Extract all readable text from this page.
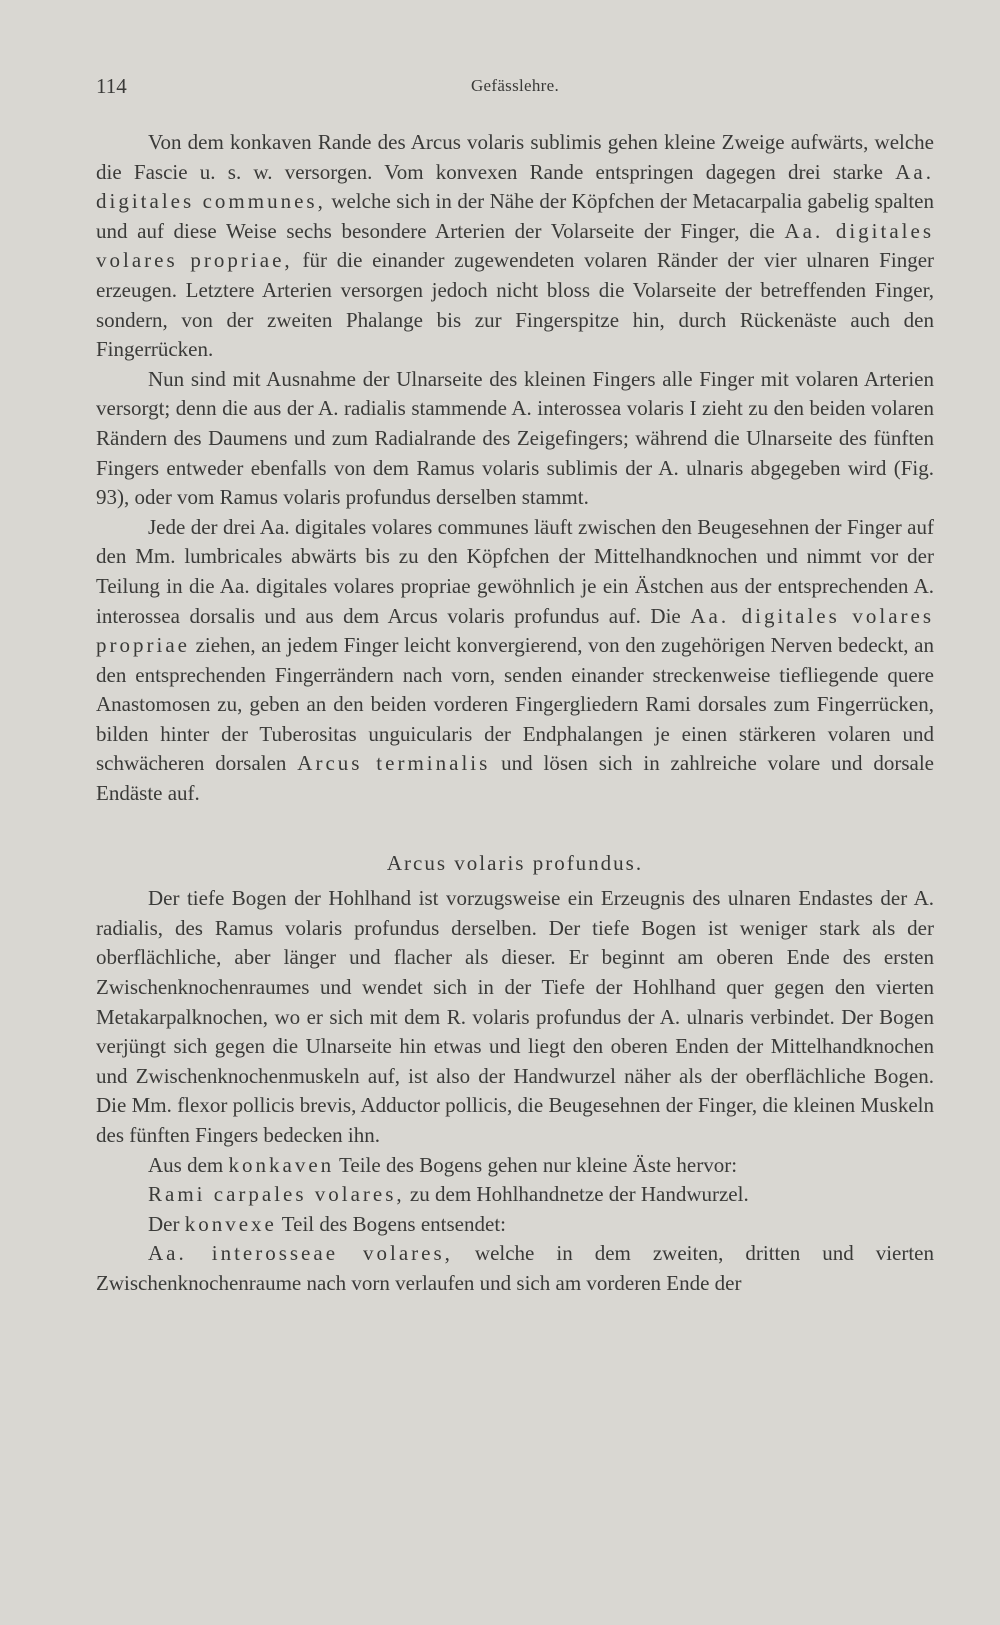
114	Gefässlehre.

Von dem konkaven Rande des Arcus volaris sublimis gehen kleine Zweige aufwärts, welche die Fascie u. s. w. versorgen. Vom konvexen Rande entspringen dagegen drei starke Aa. digitales communes, welche sich in der Nähe der Köpfchen der Metacarpalia gabelig spalten und auf diese Weise sechs besondere Arterien der Volarseite der Finger, die Aa. digitales volares propriae, für die einander zugewendeten volaren Ränder der vier ulnaren Finger erzeugen. Letztere Arterien versorgen jedoch nicht bloss die Volarseite der betreffenden Finger, sondern, von der zweiten Phalange bis zur Fingerspitze hin, durch Rückenäste auch den Fingerrücken.

Nun sind mit Ausnahme der Ulnarseite des kleinen Fingers alle Finger mit volaren Arterien versorgt; denn die aus der A. radialis stammende A. interossea volaris I zieht zu den beiden volaren Rändern des Daumens und zum Radialrande des Zeigefingers; während die Ulnarseite des fünften Fingers entweder ebenfalls von dem Ramus volaris sublimis der A. ulnaris abgegeben wird (Fig. 93), oder vom Ramus volaris profundus derselben stammt.

Jede der drei Aa. digitales volares communes läuft zwischen den Beugesehnen der Finger auf den Mm. lumbricales abwärts bis zu den Köpfchen der Mittelhandknochen und nimmt vor der Teilung in die Aa. digitales volares propriae gewöhnlich je ein Ästchen aus der entsprechenden A. interossea dorsalis und aus dem Arcus volaris profundus auf. Die Aa. digitales volares propriae ziehen, an jedem Finger leicht konvergierend, von den zugehörigen Nerven bedeckt, an den entsprechenden Fingerrändern nach vorn, senden einander streckenweise tiefliegende quere Anastomosen zu, geben an den beiden vorderen Fingergliedern Rami dorsales zum Fingerrücken, bilden hinter der Tuberositas unguicularis der Endphalangen je einen stärkeren volaren und schwächeren dorsalen Arcus terminalis und lösen sich in zahlreiche volare und dorsale Endäste auf.

Arcus volaris profundus.

Der tiefe Bogen der Hohlhand ist vorzugsweise ein Erzeugnis des ulnaren Endastes der A. radialis, des Ramus volaris profundus derselben. Der tiefe Bogen ist weniger stark als der oberflächliche, aber länger und flacher als dieser. Er beginnt am oberen Ende des ersten Zwischenknochenraumes und wendet sich in der Tiefe der Hohlhand quer gegen den vierten Metakarpalknochen, wo er sich mit dem R. volaris profundus der A. ulnaris verbindet. Der Bogen verjüngt sich gegen die Ulnarseite hin etwas und liegt den oberen Enden der Mittelhandknochen und Zwischenknochenmuskeln auf, ist also der Handwurzel näher als der oberflächliche Bogen. Die Mm. flexor pollicis brevis, Adductor pollicis, die Beugesehnen der Finger, die kleinen Muskeln des fünften Fingers bedecken ihn.

Aus dem konkaven Teile des Bogens gehen nur kleine Äste hervor:

Rami carpales volares, zu dem Hohlhandnetze der Handwurzel.

Der konvexe Teil des Bogens entsendet:

Aa. interosseae volares, welche in dem zweiten, dritten und vierten Zwischenknochenraume nach vorn verlaufen und sich am vorderen Ende der
